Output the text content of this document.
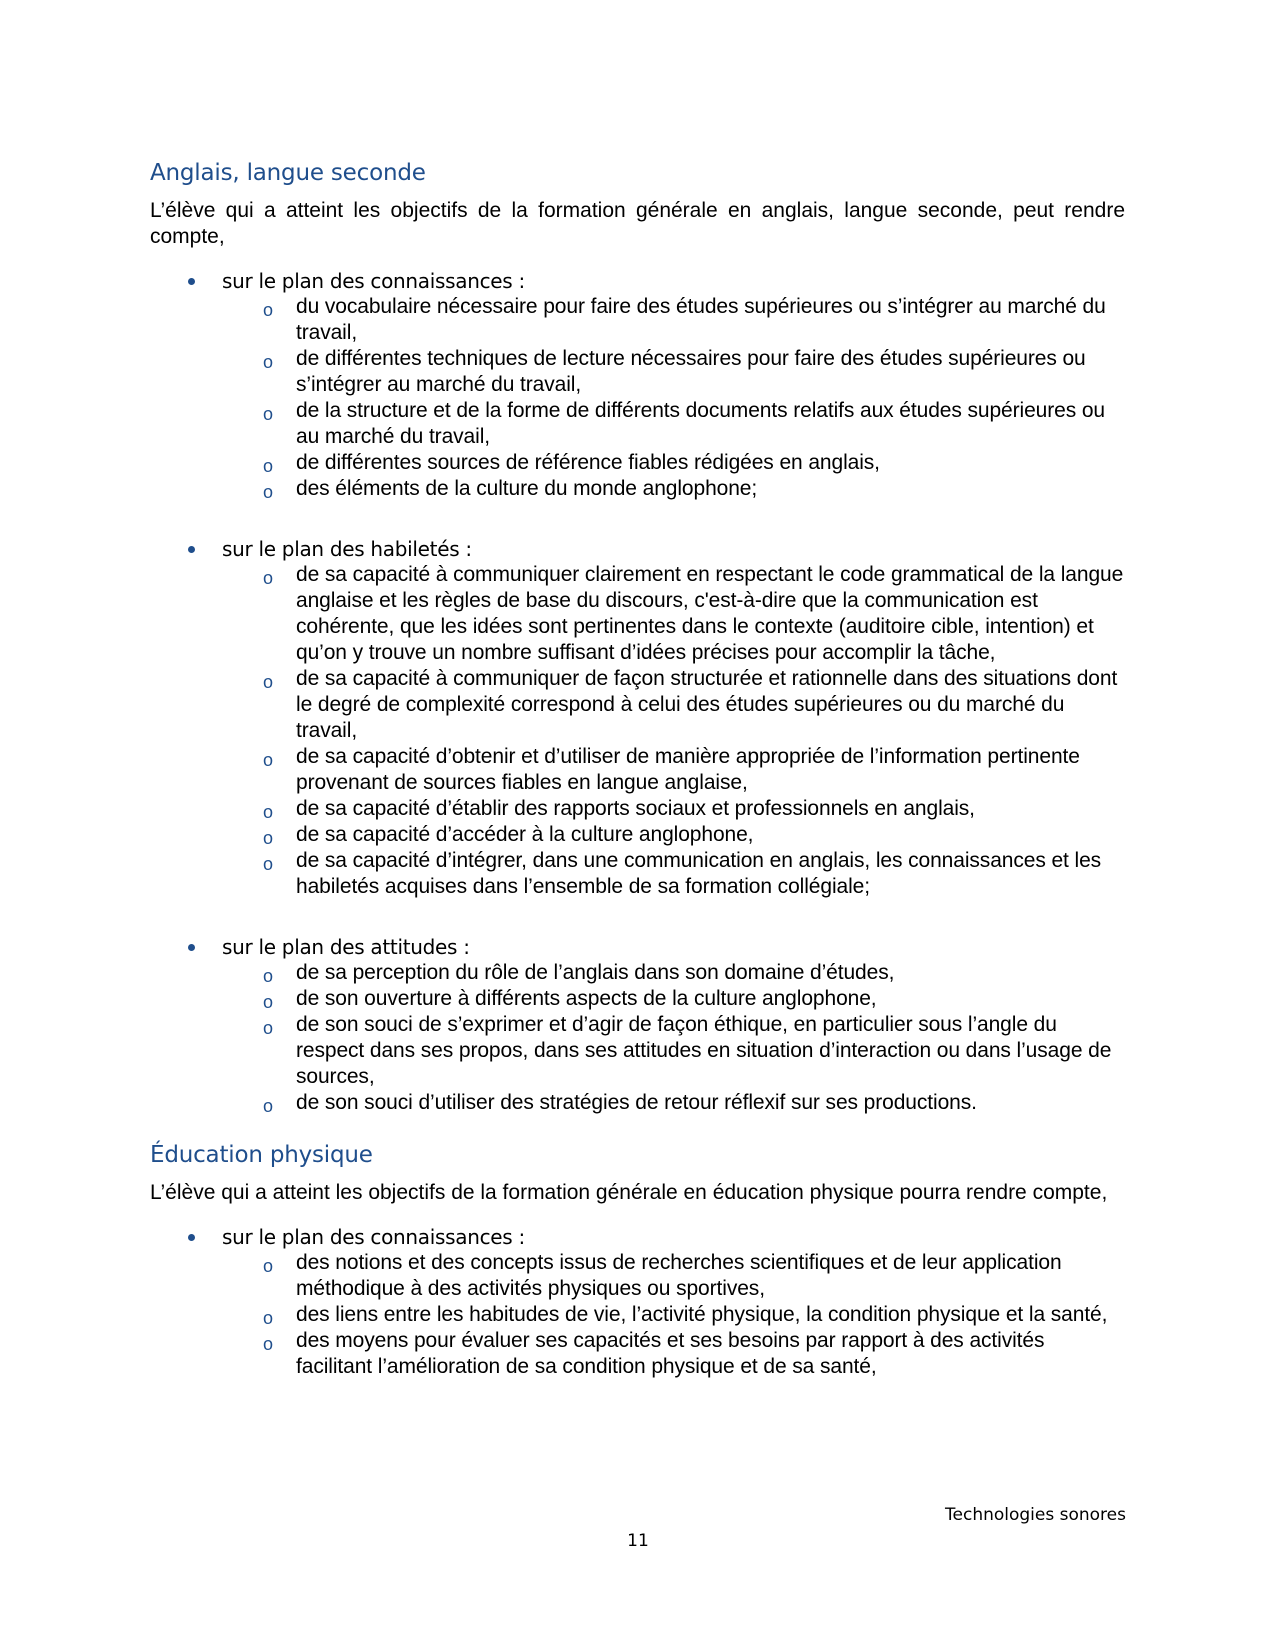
Anglais, langue seconde

L’élève qui a atteint les objectifs de la formation générale en anglais, langue seconde, peut rendre compte,

sur le plan des connaissances :
o du vocabulaire nécessaire pour faire des études supérieures ou s’intégrer au marché du travail,
o de différentes techniques de lecture nécessaires pour faire des études supérieures ou s’intégrer au marché du travail,
o de la structure et de la forme de différents documents relatifs aux études supérieures ou au marché du travail,
o de différentes sources de référence fiables rédigées en anglais,
o des éléments de la culture du monde anglophone;
sur le plan des habiletés :
o de sa capacité à communiquer clairement en respectant le code grammatical de la langue anglaise et les règles de base du discours, c'est-à-dire que la communication est cohérente, que les idées sont pertinentes dans le contexte (auditoire cible, intention) et qu’on y trouve un nombre suffisant d’idées précises pour accomplir la tâche,
o de sa capacité à communiquer de façon structurée et rationnelle dans des situations dont le degré de complexité correspond à celui des études supérieures ou du marché du travail,
o de sa capacité d’obtenir et d’utiliser de manière appropriée de l’information pertinente provenant de sources fiables en langue anglaise,
o de sa capacité d’établir des rapports sociaux et professionnels en anglais,
o de sa capacité d’accéder à la culture anglophone,
o de sa capacité d’intégrer, dans une communication en anglais, les connaissances et les habiletés acquises dans l’ensemble de sa formation collégiale;
sur le plan des attitudes :
o de sa perception du rôle de l’anglais dans son domaine d’études,
o de son ouverture à différents aspects de la culture anglophone,
o de son souci de s’exprimer et d’agir de façon éthique, en particulier sous l’angle du respect dans ses propos, dans ses attitudes en situation d’interaction ou dans l’usage de sources,
o de son souci d’utiliser des stratégies de retour réflexif sur ses productions.
Éducation physique

L’élève qui a atteint les objectifs de la formation générale en éducation physique pourra rendre compte,

sur le plan des connaissances :
o des notions et des concepts issus de recherches scientifiques et de leur application méthodique à des activités physiques ou sportives,
o des liens entre les habitudes de vie, l’activité physique, la condition physique et la santé,
o des moyens pour évaluer ses capacités et ses besoins par rapport à des activités facilitant l’amélioration de sa condition physique et de sa santé,
Technologies sonores
11
